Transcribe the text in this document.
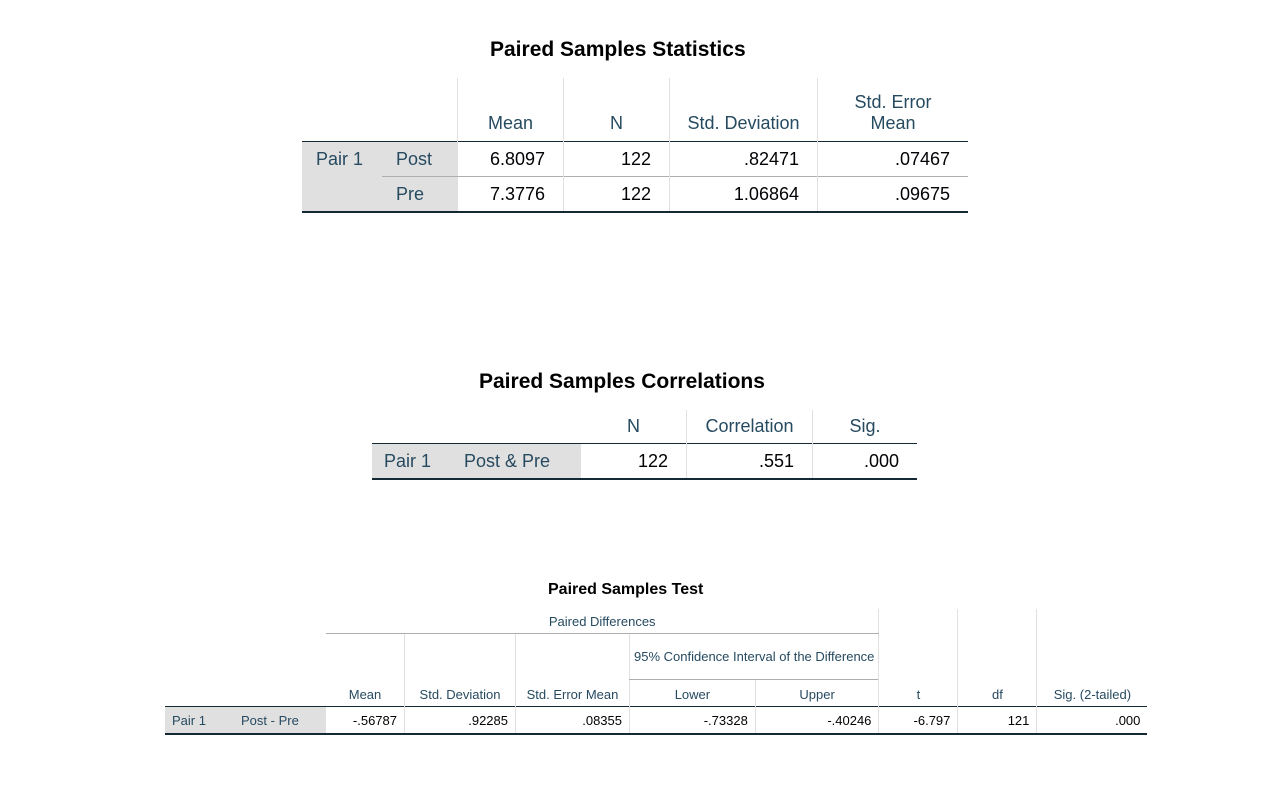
Paired Samples Statistics
		Mean	N	Std. Deviation	Std. Error
Mean
Pair 1	Post	6.8097	122	.82471	.07467
	Pre	7.3776	122	1.06864	.09675
Paired Samples Correlations
		N	Correlation	Sig.
Pair 1	Post & Pre	122	.551	.000
Paired Samples Test
		Paired Differences					t	df	Sig. (2-tailed)
		Mean	Std. Deviation	Std. Error Mean	95% Confidence Interval of the Difference				
					Lower	Upper			
Pair 1	Post - Pre	-.56787	.92285	.08355	-.73328	-.40246	-6.797	121	.000
